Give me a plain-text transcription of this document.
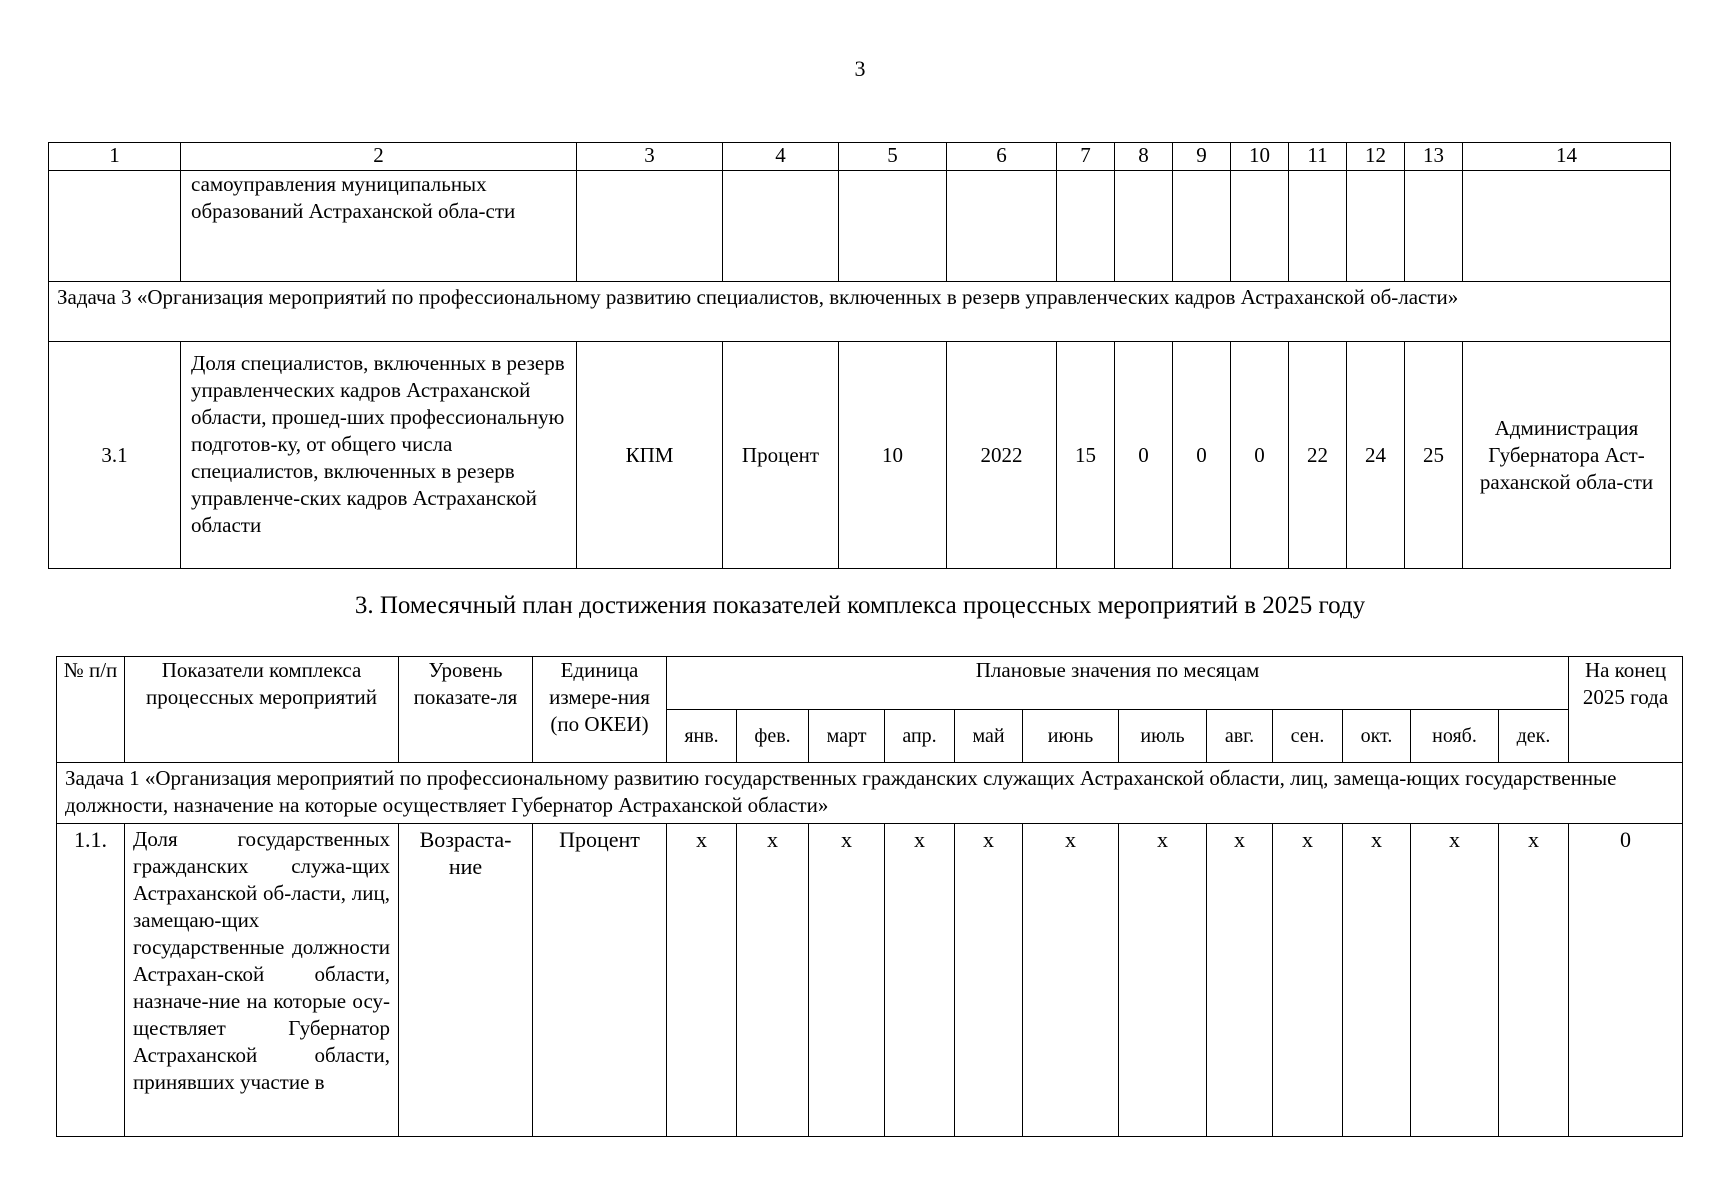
3
1	2	3	4	5	6	7	8	9	10	11	12	13	14
	самоуправления муниципальных образований Астраханской обла-сти												
Задача 3 «Организация мероприятий по профессиональному развитию специалистов, включенных в резерв управленческих кадров Астраханской об-ласти»													
3.1	Доля специалистов, включенных в резерв управленческих кадров Астраханской области, прошед-ших профессиональную подготов-ку, от общего числа специалистов, включенных в резерв управленче-ских кадров Астраханской области	КПМ	Процент	10	2022	15	0	0	0	22	24	25	Администрация Губернатора Аст-раханской обла-сти
3. Помесячный план достижения показателей комплекса процессных мероприятий в 2025 году
№ п/п	Показатели комплекса процессных мероприятий	Уровень показате-ля	Единица измере-ния (по ОКЕИ)	Плановые значения по месяцам												На конец 2025 года
				янв.	фев.	март	апр.	май	июнь	июль	авг.	сен.	окт.	нояб.	дек.	
Задача 1 «Организация мероприятий по профессиональному развитию государственных гражданских служащих Астраханской области, лиц, замеща-ющих государственные должности, назначение на которые осуществляет Губернатор Астраханской области»																
1.1.	Доля государственных гражданских служа-щих Астраханской об-ласти, лиц, замещаю-щих государственные должности Астрахан-ской области, назначе-ние на которые осу-ществляет Губернатор Астраханской области, принявших участие в	Возраста-ние	Процент	x	x	x	x	x	x	x	x	x	x	x	x	0
